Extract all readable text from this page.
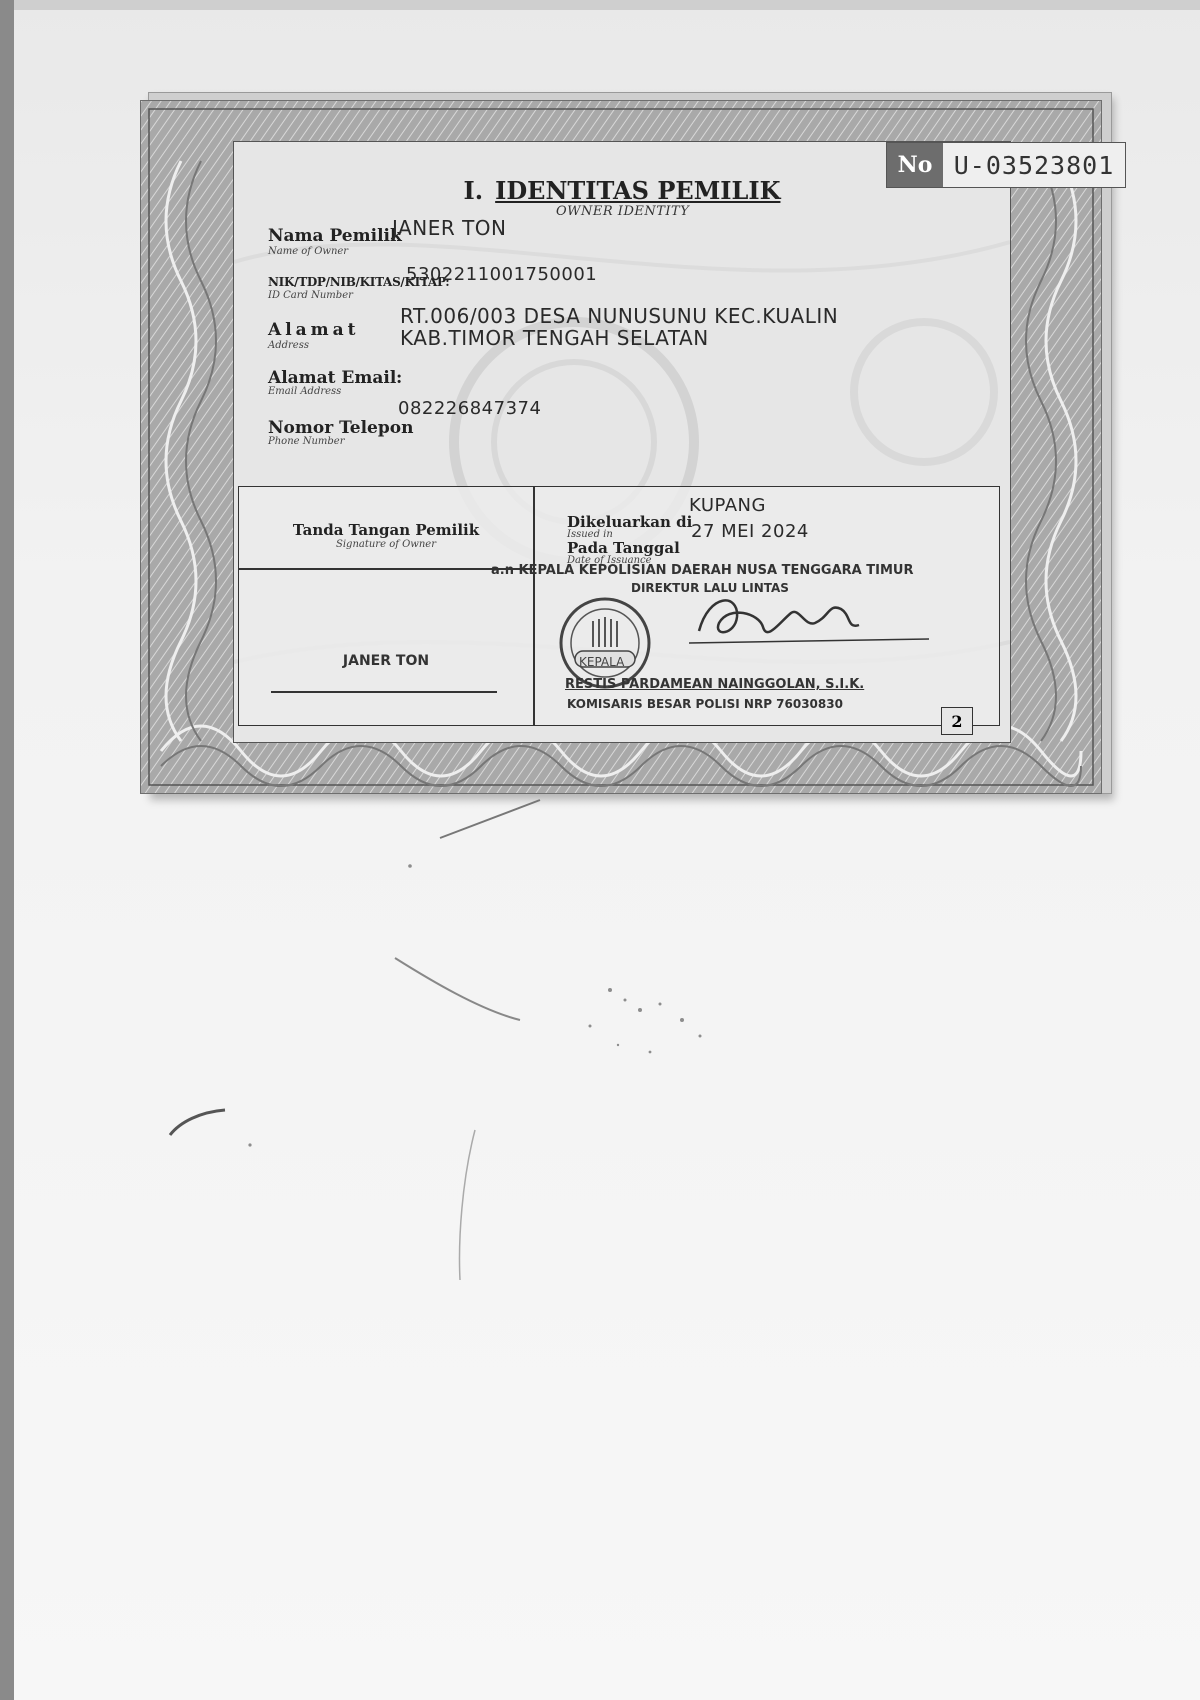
No U-03523801
I. IDENTITAS PEMILIK
OWNER IDENTITY
Nama Pemilik
Name of Owner
JANER TON
NIK/TDP/NIB/KITAS/KITAP:
ID Card Number
5302211001750001
Alamat
Address
RT.006/003 DESA NUNUSUNU KEC.KUALIN
KAB.TIMOR TENGAH SELATAN
Alamat Email
Email Address
:
Nomor Telepon
Phone Number
082226847374
Tanda Tangan Pemilik
Signature of Owner
JANER TON
Dikeluarkan di
Issued in
KUPANG
Pada Tanggal
Date of Issuance
27 MEI 2024
a.n KEPALA KEPOLISIAN DAERAH NUSA TENGGARA TIMUR
DIREKTUR LALU LINTAS
KEPALA
RESTIS PARDAMEAN NAINGGOLAN, S.I.K.
KOMISARIS BESAR POLISI NRP 76030830
2
